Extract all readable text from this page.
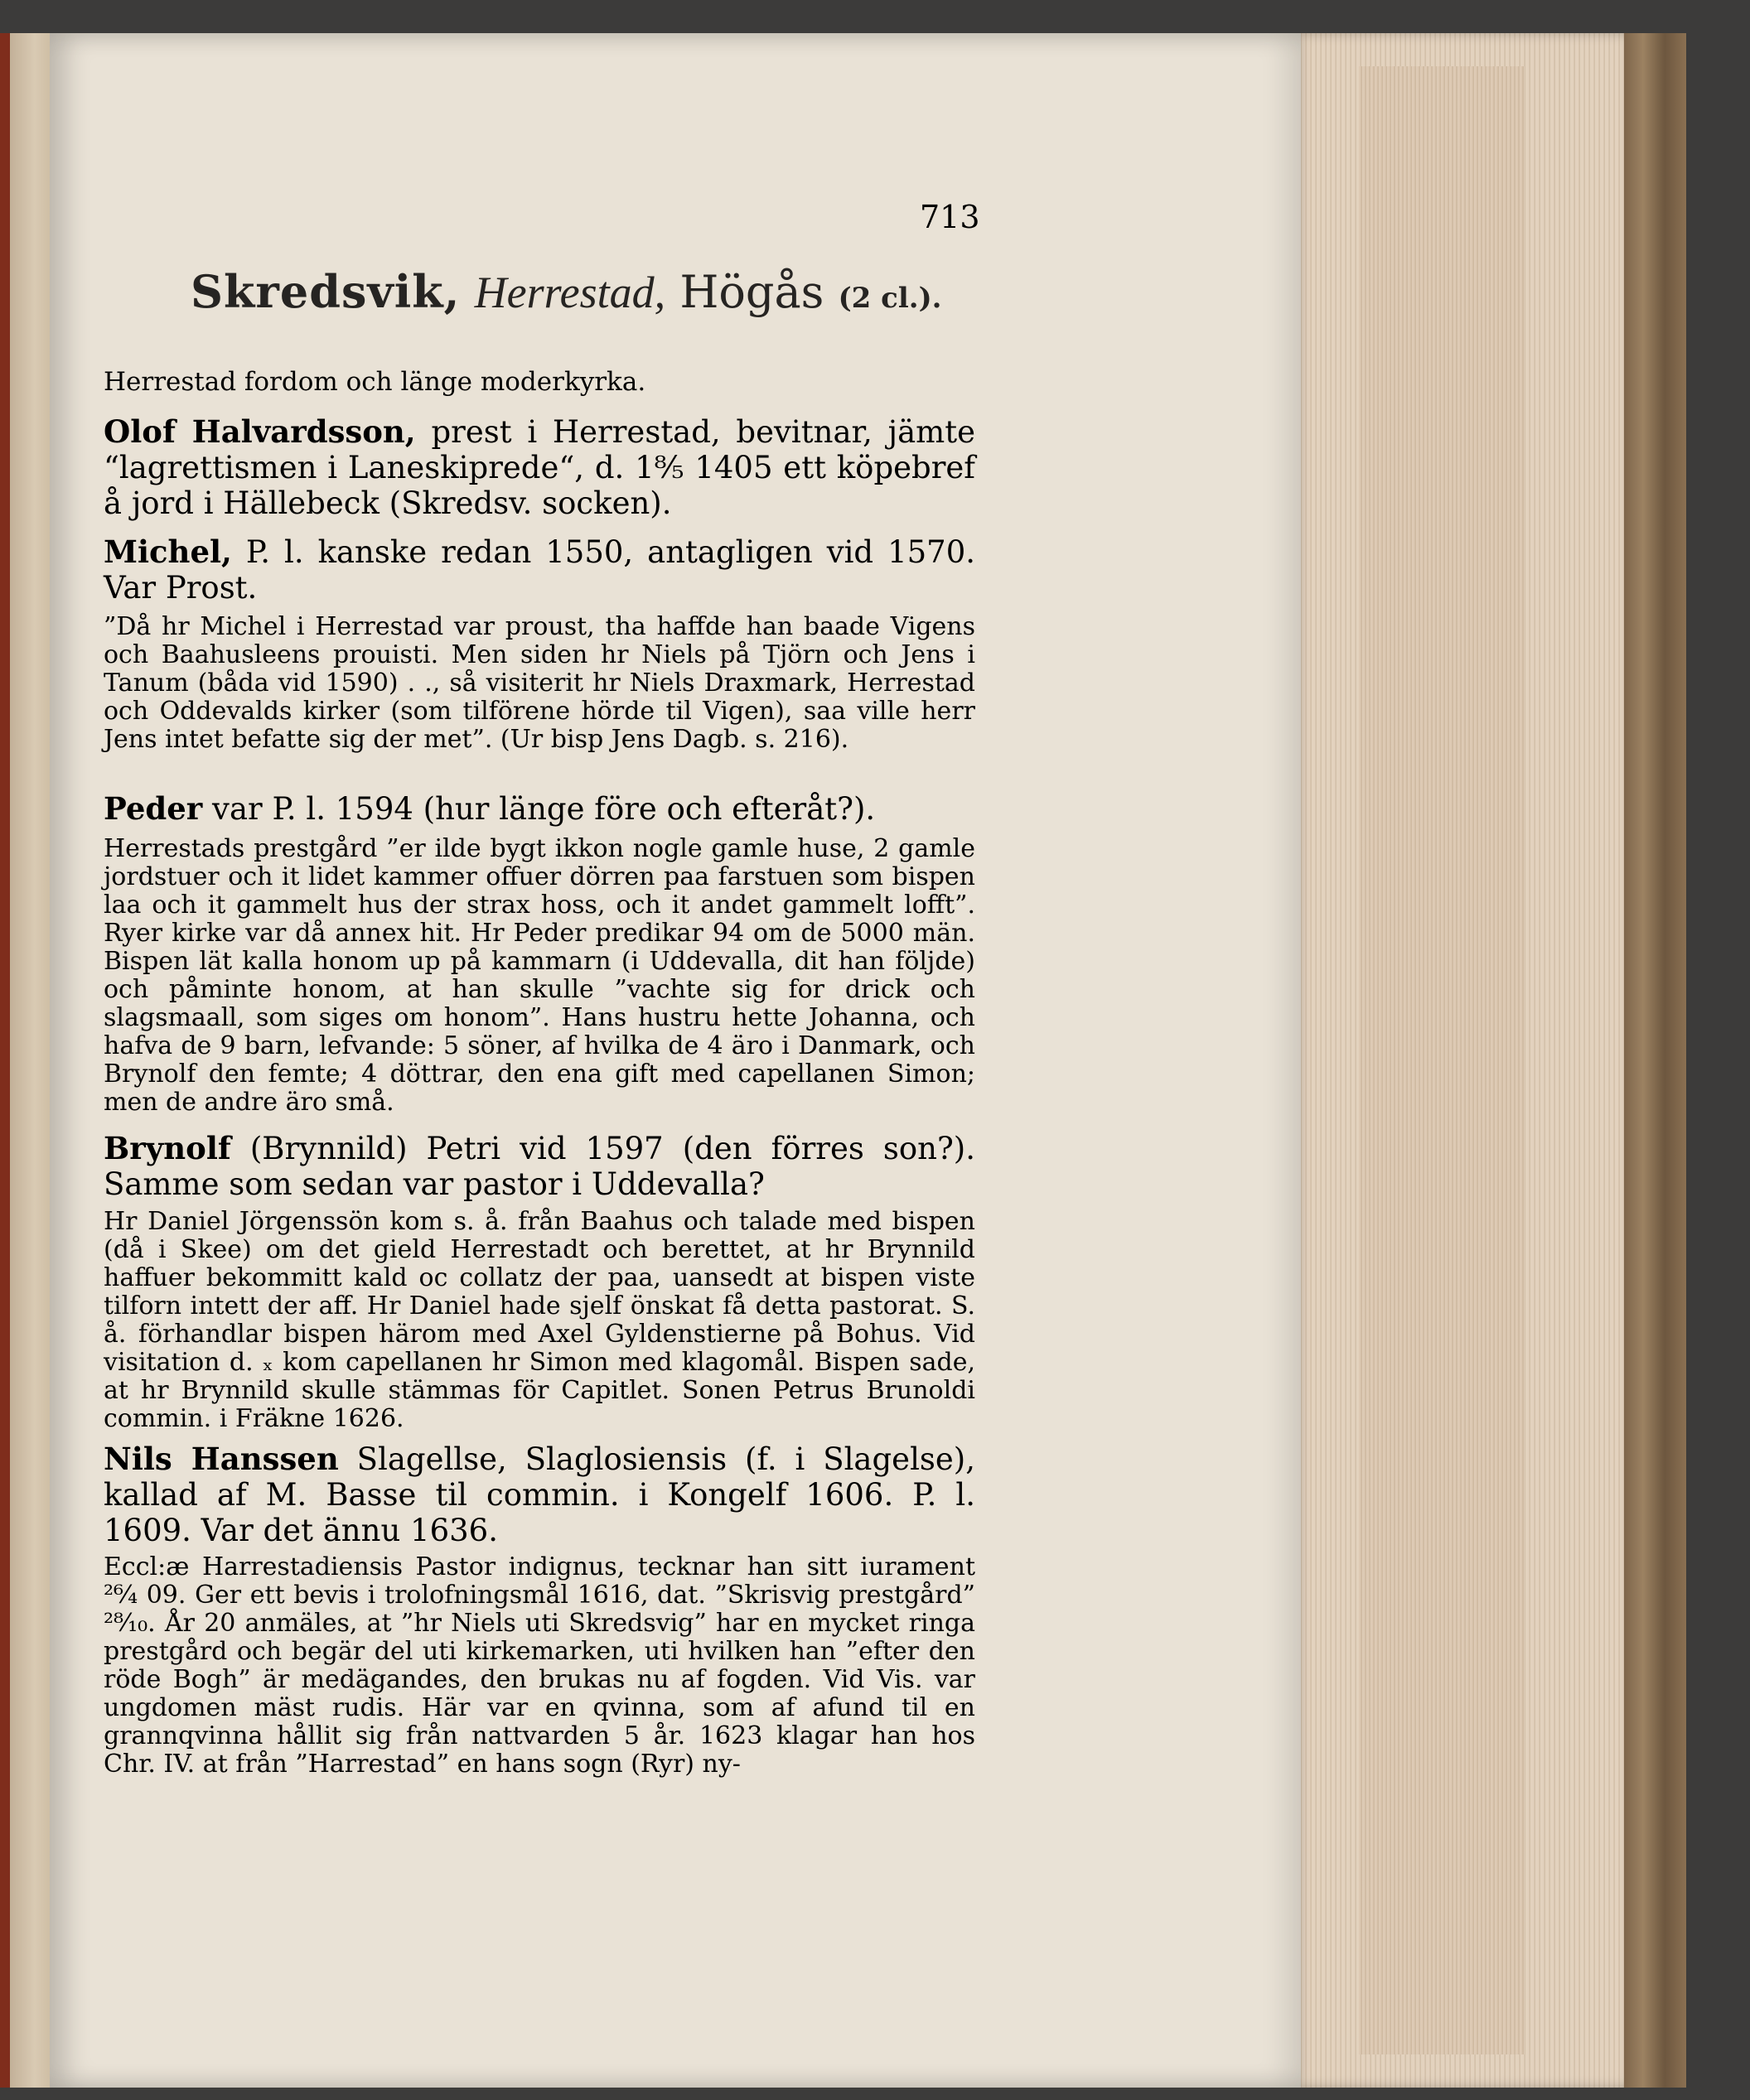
713
Skredsvik, Herrestad, Högås (2 cl.).

Herrestad fordom och länge moderkyrka.

Olof Halvardsson, prest i Herrestad, bevitnar, jämte “lagrettismen i Laneskiprede“, d. 1⁸⁄₅ 1405 ett köpebref å jord i Hällebeck (Skredsv. socken).

Michel, P. l. kanske redan 1550, antagligen vid 1570. Var Prost.

”Då hr Michel i Herrestad var proust, tha haffde han baade Vigens och Baahusleens prouisti. Men siden hr Niels på Tjörn och Jens i Tanum (båda vid 1590) . ., så visiterit hr Niels Draxmark, Herrestad och Oddevalds kirker (som tilförene hörde til Vigen), saa ville herr Jens intet befatte sig der met”. (Ur bisp Jens Dagb. s. 216).

Peder var P. l. 1594 (hur länge före och efteråt?).

Herrestads prestgård ”er ilde bygt ikkon nogle gamle huse, 2 gamle jordstuer och it lidet kammer offuer dörren paa farstuen som bispen laa och it gammelt hus der strax hoss, och it andet gammelt lofft”. Ryer kirke var då annex hit. Hr Peder predikar 94 om de 5000 män. Bispen lät kalla honom up på kammarn (i Uddevalla, dit han följde) och påminte honom, at han skulle ”vachte sig for drick och slagsmaall, som siges om honom”. Hans hustru hette Johanna, och hafva de 9 barn, lefvande: 5 söner, af hvilka de 4 äro i Danmark, och Brynolf den femte; 4 döttrar, den ena gift med capellanen Simon; men de andre äro små.

Brynolf (Brynnild) Petri vid 1597 (den förres son?). Samme som sedan var pastor i Uddevalla?

Hr Daniel Jörgenssön kom s. å. från Baahus och talade med bispen (då i Skee) om det gield Herrestadt och berettet, at hr Brynnild haffuer bekommitt kald oc collatz der paa, uansedt at bispen viste tilforn intett der aff. Hr Daniel hade sjelf önskat få detta pastorat. S. å. förhandlar bispen härom med Axel Gyldenstierne på Bohus. Vid visitation d. ₓ kom capellanen hr Simon med klagomål. Bispen sade, at hr Brynnild skulle stämmas för Capitlet. Sonen Petrus Brunoldi commin. i Fräkne 1626.

Nils Hanssen Slagellse, Slaglosiensis (f. i Slagelse), kallad af M. Basse til commin. i Kongelf 1606. P. l. 1609. Var det ännu 1636.

Eccl:æ Harrestadiensis Pastor indignus, tecknar han sitt iurament ²⁶⁄₄ 09. Ger ett bevis i trolofningsmål 1616, dat. ”Skrisvig prestgård” ²⁸⁄₁₀. År 20 anmäles, at ”hr Niels uti Skredsvig” har en mycket ringa prestgård och begär del uti kirkemarken, uti hvilken han ”efter den röde Bogh” är medägandes, den brukas nu af fogden. Vid Vis. var ungdomen mäst rudis. Här var en qvinna, som af afund til en grannqvinna hållit sig från nattvarden 5 år. 1623 klagar han hos Chr. IV. at från ”Harrestad” en hans sogn (Ryr) ny-
